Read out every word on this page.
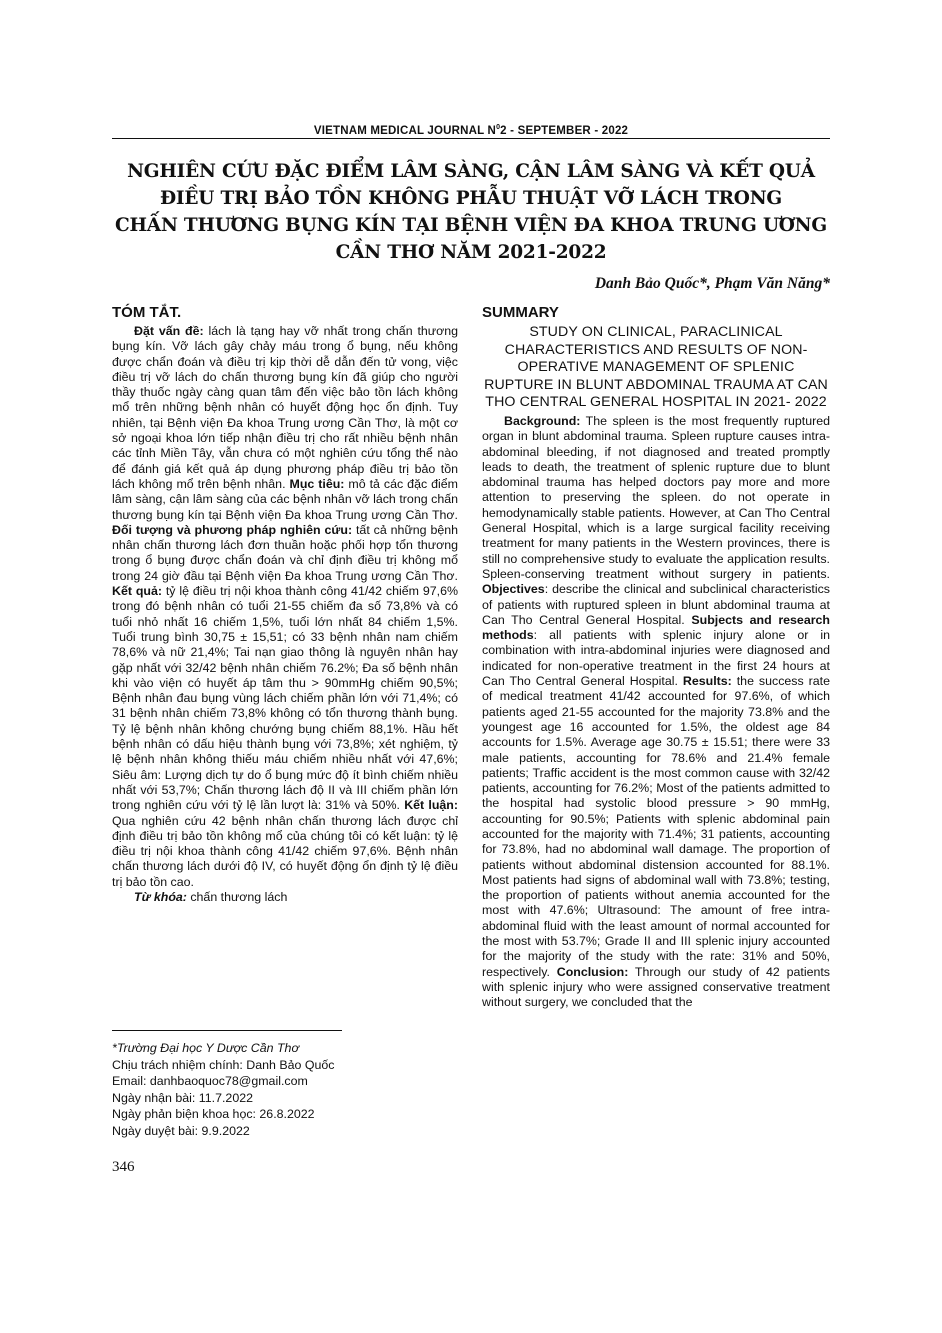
VIETNAM MEDICAL JOURNAL $N^02$ - SEPTEMBER - 2022
NGHIÊN CỨU ĐẶC ĐIỂM LÂM SÀNG, CẬN LÂM SÀNG VÀ KẾT QUẢ
ĐIỀU TRỊ BẢO TỒN KHÔNG PHẪU THUẬT VỠ LÁCH TRONG
CHẤN THƯƠNG BỤNG KÍN TẠI BỆNH VIỆN ĐA KHOA TRUNG ƯƠNG
CẦN THƠ NĂM 2021-2022

Danh Bảo Quốc*, Phạm Văn Năng*

TÓM TẮT.

Đặt vấn đề: lách là tạng hay vỡ nhất trong chấn thương bụng kín. Vỡ lách gây chảy máu trong ổ bụng, nếu không được chẩn đoán và điều trị kịp thời dễ dẫn đến tử vong, việc điều trị vỡ lách do chấn thương bụng kín đã giúp cho người thầy thuốc ngày càng quan tâm đến việc bảo tồn lách không mổ trên những bệnh nhân có huyết động học ổn định. Tuy nhiên, tại Bệnh viện Đa khoa Trung ương Cần Thơ, là một cơ sở ngoại khoa lớn tiếp nhận điều trị cho rất nhiều bệnh nhân các tỉnh Miền Tây, vẫn chưa có một nghiên cứu tổng thể nào để đánh giá kết quả áp dụng phương pháp điều trị bảo tồn lách không mổ trên bệnh nhân. Mục tiêu: mô tả các đặc điểm lâm sàng, cận lâm sàng của các bệnh nhân vỡ lách trong chấn thương bụng kín tại Bệnh viện Đa khoa Trung ương Cần Thơ. Đối tượng và phương pháp nghiên cứu: tất cả những bệnh nhân chấn thương lách đơn thuần hoặc phối hợp tổn thương trong ổ bụng được chẩn đoán và chỉ định điều trị không mổ trong 24 giờ đầu tại Bệnh viện Đa khoa Trung ương Cần Thơ. Kết quả: tỷ lệ điều trị nội khoa thành công 41/42 chiếm 97,6% trong đó bệnh nhân có tuổi 21-55 chiếm đa số 73,8% và có tuổi nhỏ nhất 16 chiếm 1,5%, tuổi lớn nhất 84 chiếm 1,5%. Tuổi trung bình 30,75 ± 15,51; có 33 bệnh nhân nam chiếm 78,6% và nữ 21,4%; Tai nạn giao thông là nguyên nhân hay gặp nhất với 32/42 bệnh nhân chiếm 76.2%; Đa số bệnh nhân khi vào viện có huyết áp tâm thu > 90mmHg chiếm 90,5%; Bệnh nhân đau bụng vùng lách chiếm phần lớn với 71,4%; có 31 bệnh nhân chiếm 73,8% không có tổn thương thành bụng. Tỷ lệ bệnh nhân không chướng bụng chiếm 88,1%. Hầu hết bệnh nhân có dấu hiệu thành bụng với 73,8%; xét nghiệm, tỷ lệ bệnh nhân không thiếu máu chiếm nhiều nhất với 47,6%; Siêu âm: Lượng dịch tự do ổ bụng mức độ ít bình chiếm nhiều nhất với 53,7%; Chấn thương lách độ II và III chiếm phần lớn trong nghiên cứu với tỷ lệ lần lượt là: 31% và 50%. Kết luận: Qua nghiên cứu 42 bệnh nhân chấn thương lách được chỉ định điều trị bảo tồn không mổ của chúng tôi có kết luận: tỷ lệ điều trị nội khoa thành công 41/42 chiếm 97,6%. Bệnh nhân chấn thương lách dưới độ IV, có huyết động ổn định tỷ lệ điều trị bảo tồn cao.

Từ khóa: chấn thương lách

*Trường Đại học Y Dược Cần Thơ
Chịu trách nhiệm chính: Danh Bảo Quốc
Email: danhbaoquoc78@gmail.com
Ngày nhận bài: 11.7.2022
Ngày phản biện khoa học: 26.8.2022
Ngày duyệt bài: 9.9.2022
SUMMARY

STUDY ON CLINICAL, PARACLINICAL CHARACTERISTICS AND RESULTS OF NON-OPERATIVE MANAGEMENT OF SPLENIC RUPTURE IN BLUNT ABDOMINAL TRAUMA AT CAN THO CENTRAL GENERAL HOSPITAL IN 2021- 2022

Background: The spleen is the most frequently ruptured organ in blunt abdominal trauma. Spleen rupture causes intra-abdominal bleeding, if not diagnosed and treated promptly leads to death, the treatment of splenic rupture due to blunt abdominal trauma has helped doctors pay more and more attention to preserving the spleen. do not operate in hemodynamically stable patients. However, at Can Tho Central General Hospital, which is a large surgical facility receiving treatment for many patients in the Western provinces, there is still no comprehensive study to evaluate the application results. Spleen-conserving treatment without surgery in patients. Objectives: describe the clinical and subclinical characteristics of patients with ruptured spleen in blunt abdominal trauma at Can Tho Central General Hospital. Subjects and research methods: all patients with splenic injury alone or in combination with intra-abdominal injuries were diagnosed and indicated for non-operative treatment in the first 24 hours at Can Tho Central General Hospital. Results: the success rate of medical treatment 41/42 accounted for 97.6%, of which patients aged 21-55 accounted for the majority 73.8% and the youngest age 16 accounted for 1.5%, the oldest age 84 accounts for 1.5%. Average age 30.75 ± 15.51; there were 33 male patients, accounting for 78.6% and 21.4% female patients; Traffic accident is the most common cause with 32/42 patients, accounting for 76.2%; Most of the patients admitted to the hospital had systolic blood pressure > 90 mmHg, accounting for 90.5%; Patients with splenic abdominal pain accounted for the majority with 71.4%; 31 patients, accounting for 73.8%, had no abdominal wall damage. The proportion of patients without abdominal distension accounted for 88.1%. Most patients had signs of abdominal wall with 73.8%; testing, the proportion of patients without anemia accounted for the most with 47.6%; Ultrasound: The amount of free intra-abdominal fluid with the least amount of normal accounted for the most with 53.7%; Grade II and III splenic injury accounted for the majority of the study with the rate: 31% and 50%, respectively. Conclusion: Through our study of 42 patients with splenic injury who were assigned conservative treatment without surgery, we concluded that the

346
